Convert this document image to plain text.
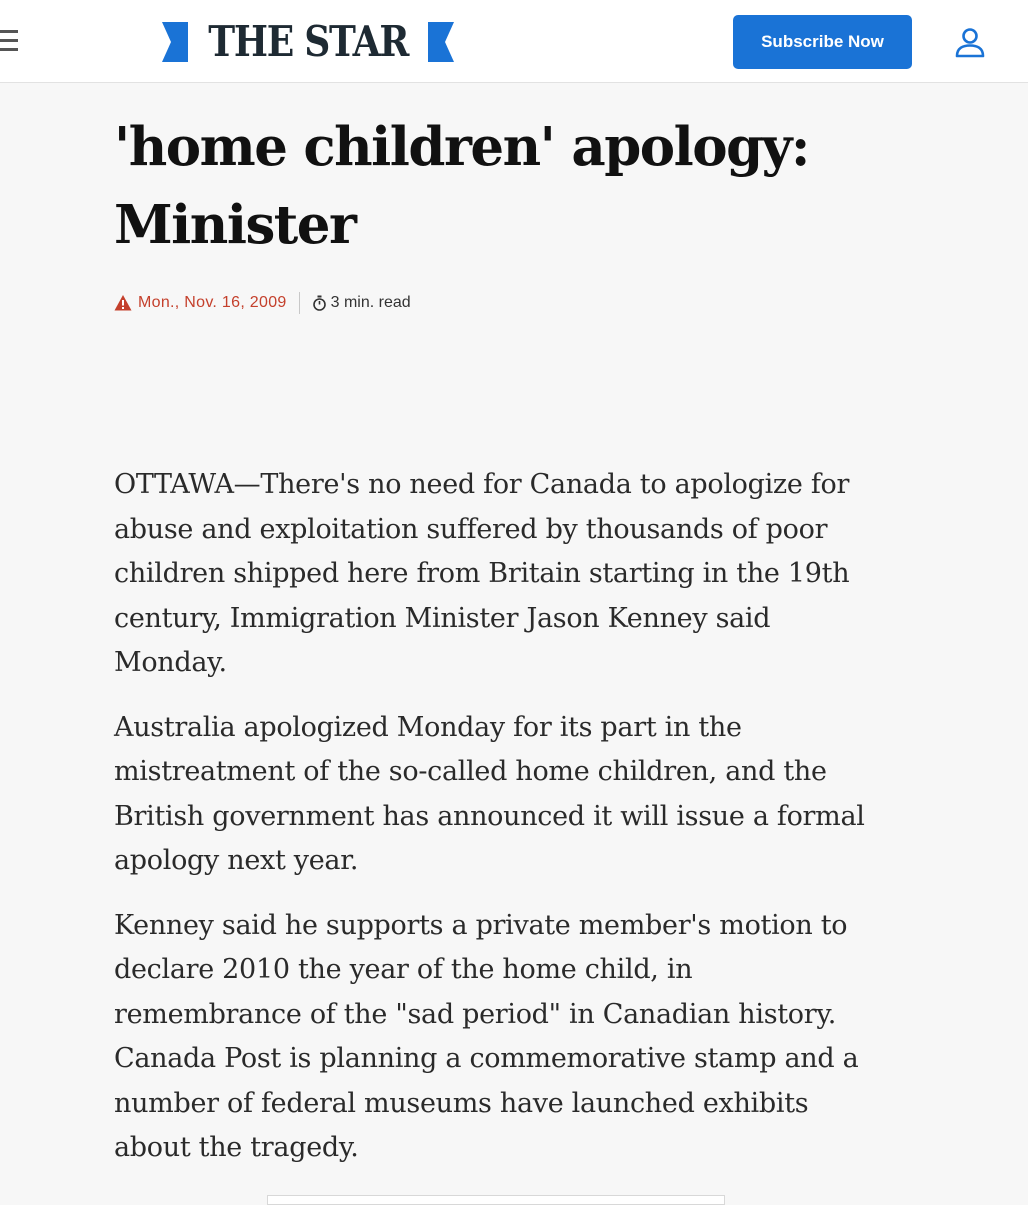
THE STAR	Subscribe Now
'home children' apology: Minister
Mon., Nov. 16, 2009	3 min. read

OTTAWA—There's no need for Canada to apologize for abuse and exploitation suffered by thousands of poor children shipped here from Britain starting in the 19th century, Immigration Minister Jason Kenney said Monday.

Australia apologized Monday for its part in the mistreatment of the so-called home children, and the British government has announced it will issue a formal apology next year.

Kenney said he supports a private member's motion to declare 2010 the year of the home child, in remembrance of the "sad period" in Canadian history. Canada Post is planning a commemorative stamp and a number of federal museums have launched exhibits about the tragedy.
